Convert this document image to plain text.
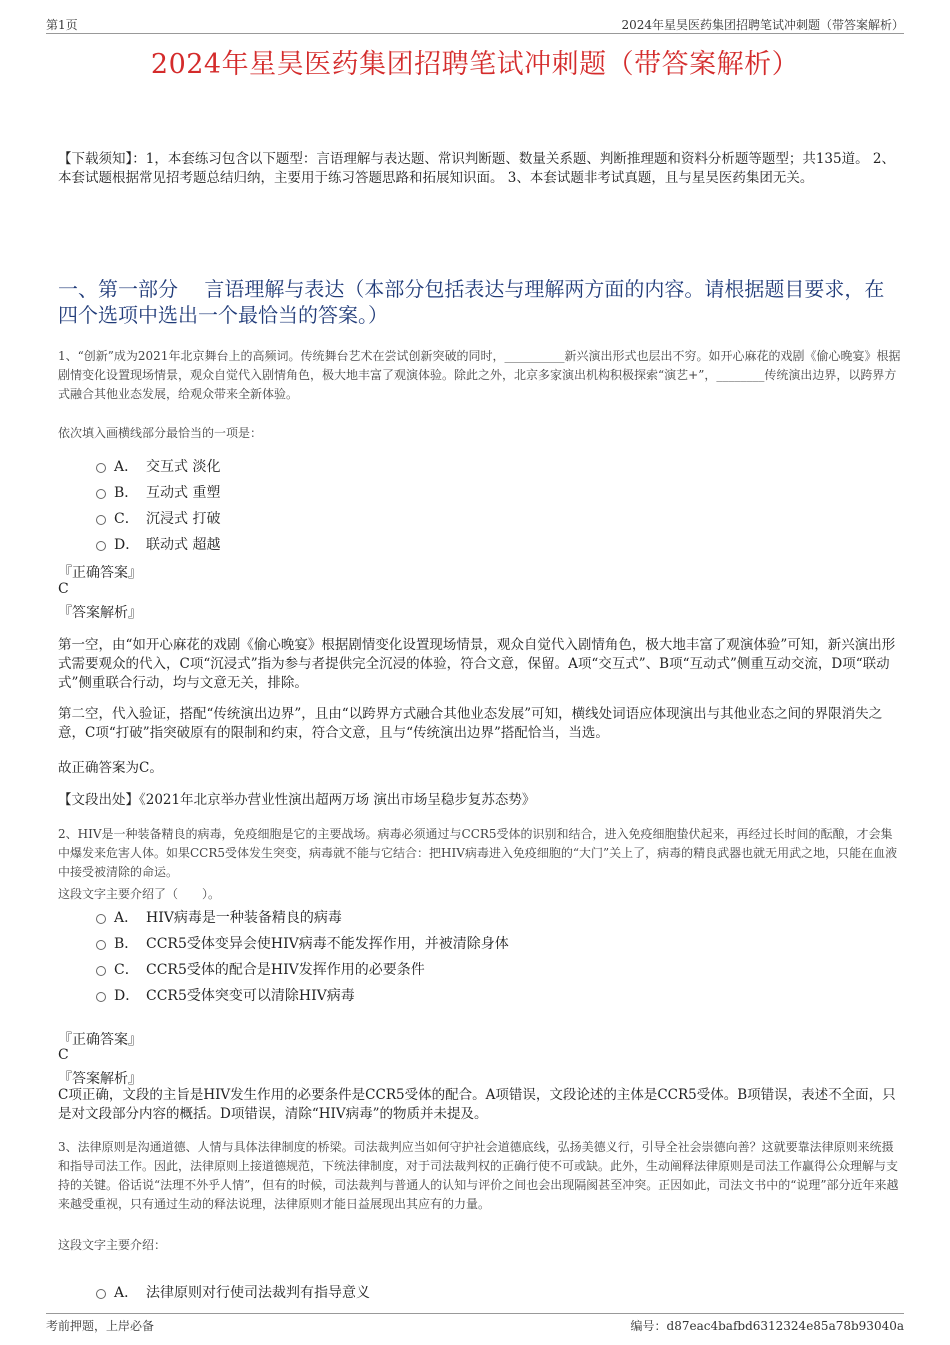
第1页	2024年星昊医药集团招聘笔试冲刺题（带答案解析）
2024年星昊医药集团招聘笔试冲刺题（带答案解析）
【下载须知】：1，本套练习包含以下题型：言语理解与表达题、常识判断题、数量关系题、判断推理题和资料分析题等题型；共135道。 2、本套试题根据常见招考题总结归纳，主要用于练习答题思路和拓展知识面。 3、本套试题非考试真题，且与星昊医药集团无关。
一、第一部分　 言语理解与表达（本部分包括表达与理解两方面的内容。请根据题目要求，在四个选项中选出一个最恰当的答案。）
1、“创新”成为2021年北京舞台上的高频词。传统舞台艺术在尝试创新突破的同时，__________新兴演出形式也层出不穷。如开心麻花的戏剧《偷心晚宴》根据剧情变化设置现场情景，观众自觉代入剧情角色，极大地丰富了观演体验。除此之外，北京多家演出机构积极探索“演艺+”，________传统演出边界，以跨界方式融合其他业态发展，给观众带来全新体验。
依次填入画横线部分最恰当的一项是：
A． 交互式 淡化
B． 互动式 重塑
C． 沉浸式 打破
D． 联动式 超越
『正确答案』
C
『答案解析』
第一空，由“如开心麻花的戏剧《偷心晚宴》根据剧情变化设置现场情景，观众自觉代入剧情角色，极大地丰富了观演体验”可知，新兴演出形式需要观众的代入，C项“沉浸式”指为参与者提供完全沉浸的体验，符合文意，保留。A项“交互式”、B项“互动式”侧重互动交流，D项“联动式”侧重联合行动，均与文意无关，排除。
第二空，代入验证，搭配“传统演出边界”，且由“以跨界方式融合其他业态发展”可知，横线处词语应体现演出与其他业态之间的界限消失之意，C项“打破”指突破原有的限制和约束，符合文意，且与“传统演出边界”搭配恰当，当选。
故正确答案为C。
【文段出处】《2021年北京举办营业性演出超两万场 演出市场呈稳步复苏态势》
2、HIV是一种装备精良的病毒，免疫细胞是它的主要战场。病毒必须通过与CCR5受体的识别和结合，进入免疫细胞蛰伏起来，再经过长时间的酝酿，才会集中爆发来危害人体。如果CCR5受体发生突变，病毒就不能与它结合：把HIV病毒进入免疫细胞的“大门”关上了，病毒的精良武器也就无用武之地，只能在血液中接受被清除的命运。
这段文字主要介绍了（　　）。
A． HIV病毒是一种装备精良的病毒
B． CCR5受体变异会使HIV病毒不能发挥作用，并被清除身体
C． CCR5受体的配合是HIV发挥作用的必要条件
D． CCR5受体突变可以清除HIV病毒
『正确答案』
C
『答案解析』
C项正确，文段的主旨是HIV发生作用的必要条件是CCR5受体的配合。A项错误，文段论述的主体是CCR5受体。B项错误，表述不全面，只是对文段部分内容的概括。D项错误，清除“HIV病毒”的物质并未提及。
3、法律原则是沟通道德、人情与具体法律制度的桥梁。司法裁判应当如何守护社会道德底线，弘扬美德义行，引导全社会崇德向善？这就要靠法律原则来统摄和指导司法工作。因此，法律原则上接道德规范，下统法律制度，对于司法裁判权的正确行使不可或缺。此外，生动阐释法律原则是司法工作赢得公众理解与支持的关键。俗话说“法理不外乎人情”，但有的时候，司法裁判与普通人的认知与评价之间也会出现隔阂甚至冲突。正因如此，司法文书中的“说理”部分近年来越来越受重视，只有通过生动的释法说理，法律原则才能日益展现出其应有的力量。
这段文字主要介绍：
A． 法律原则对行使司法裁判有指导意义
考前押题，上岸必备	编号：d87eac4bafbd6312324e85a78b93040a
